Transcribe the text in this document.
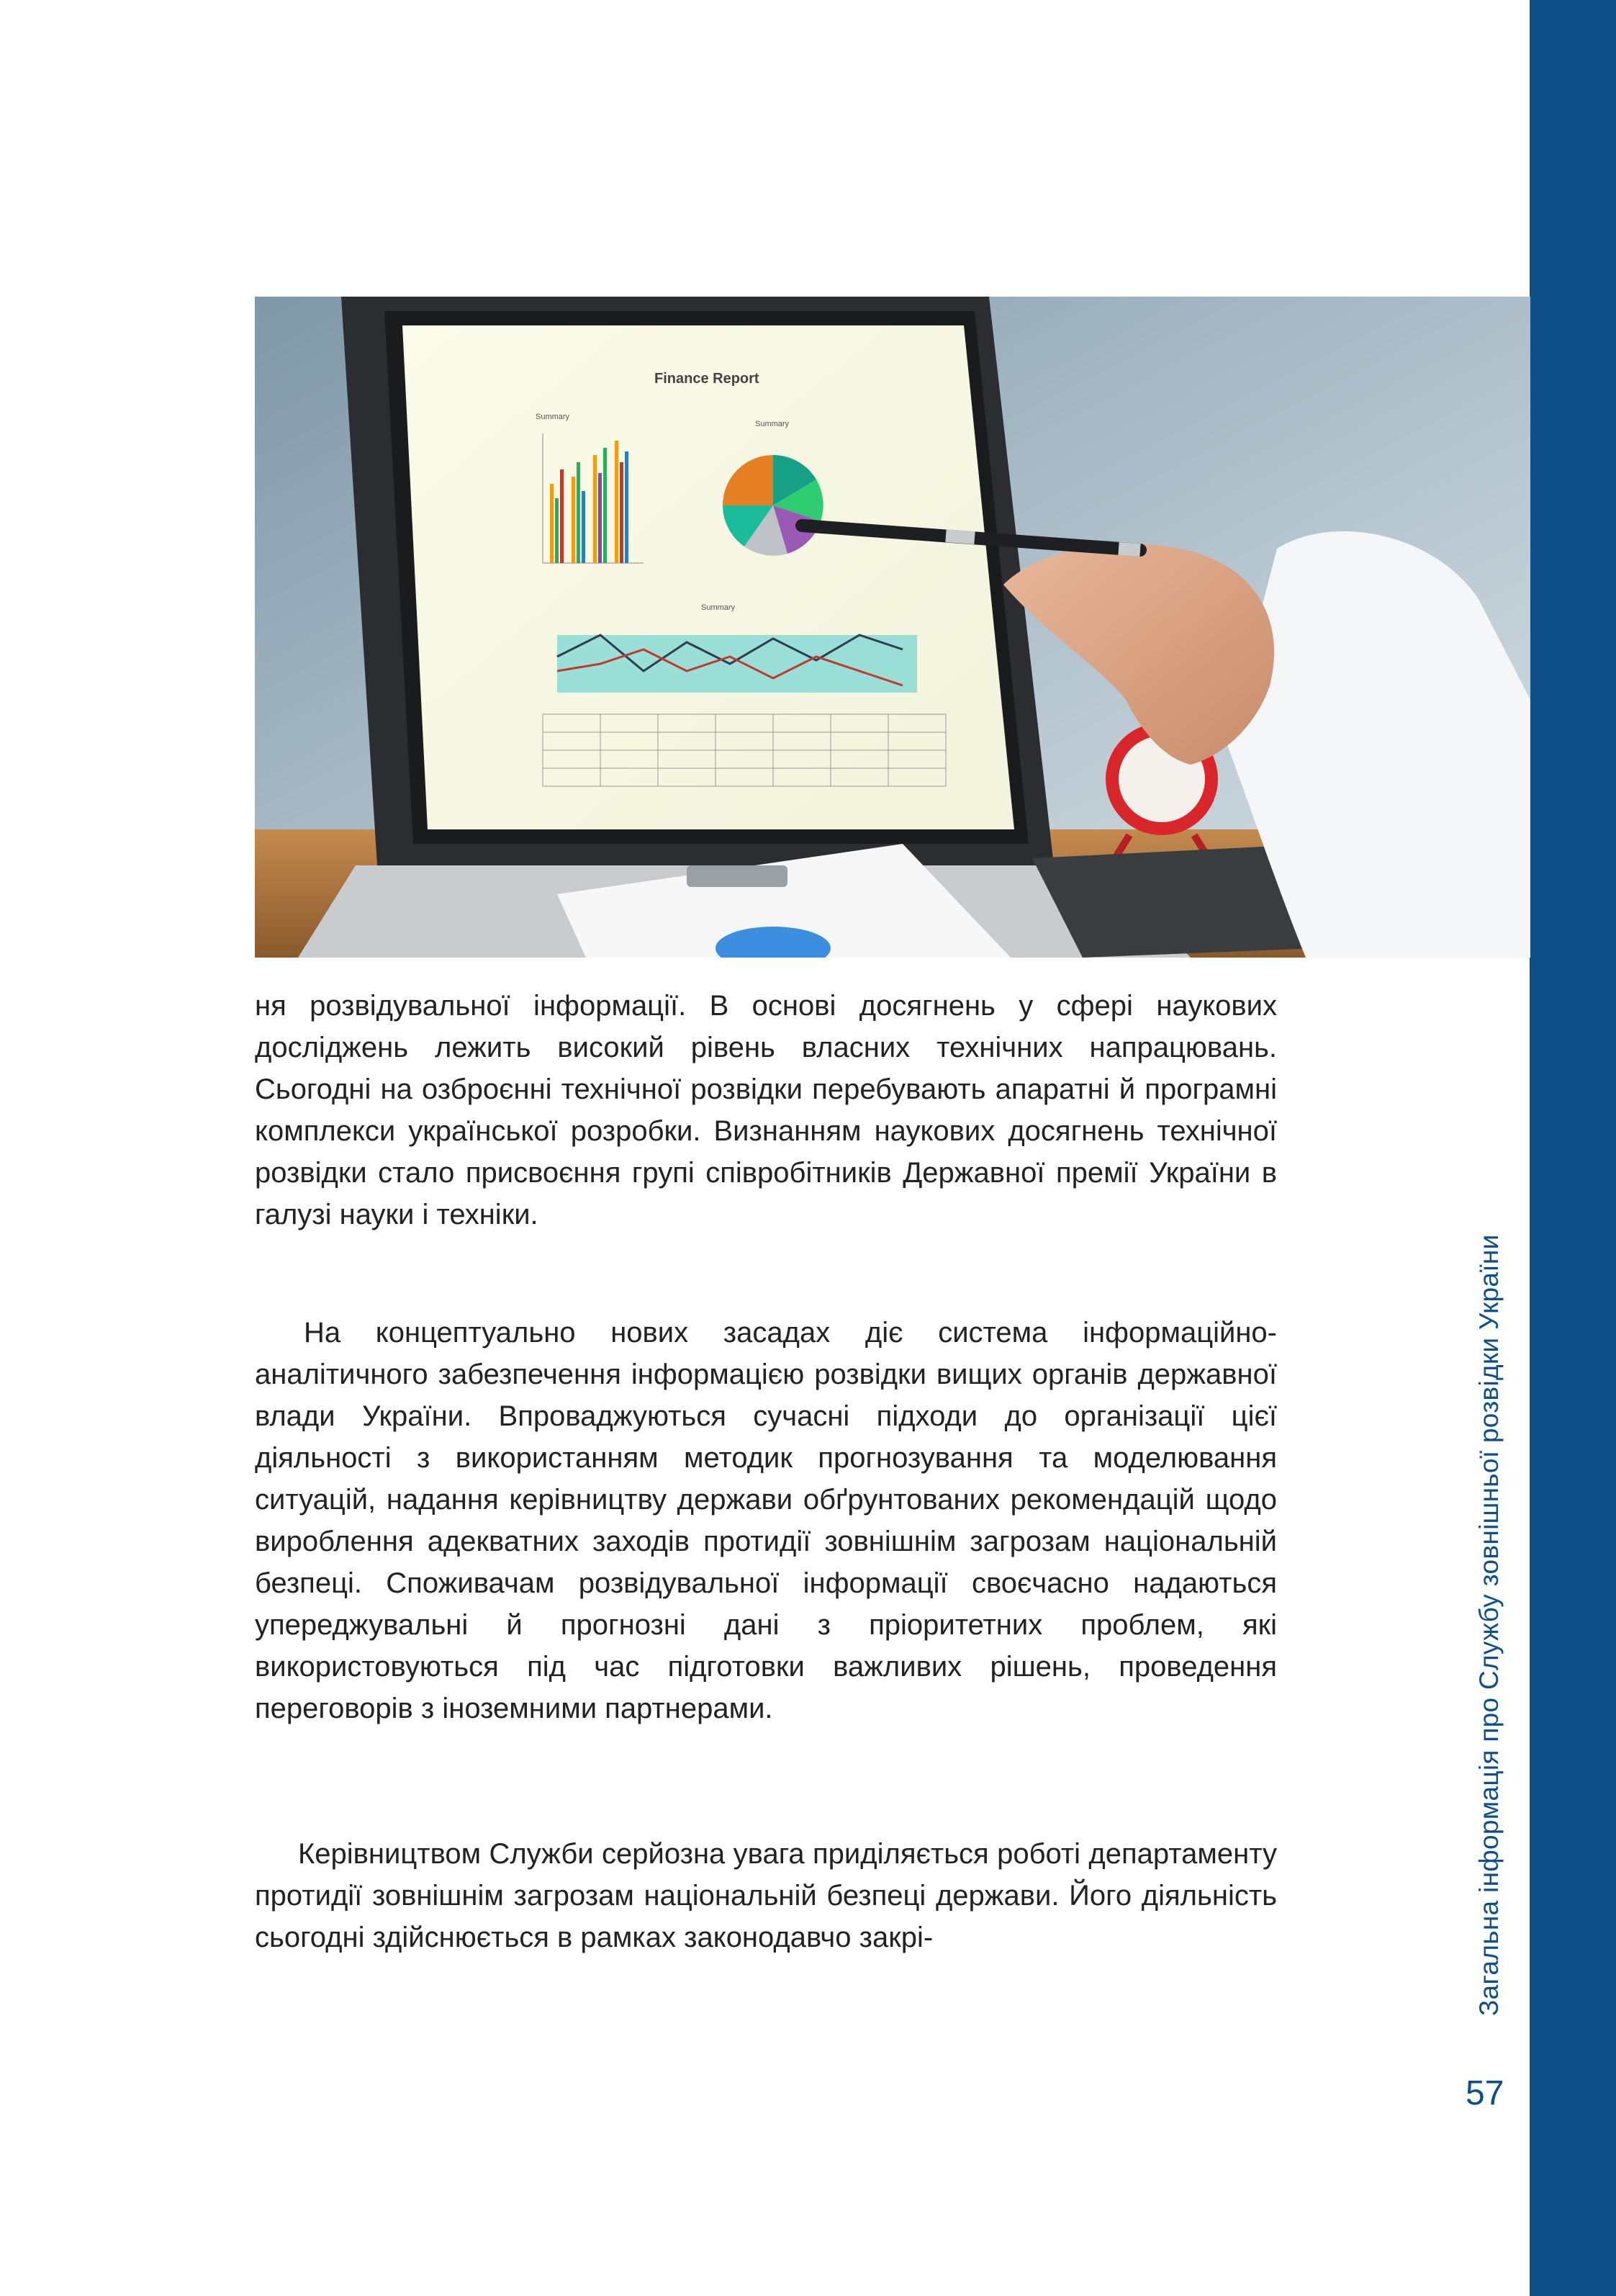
Загальна інформація про Службу зовнішньої розвідки України
57
Finance Report
Summary
Summary
Summary
ня розвідувальної інформації. В основі досягнень у сфері наукових досліджень лежить високий рівень власних технічних напрацювань. Сьогодні на озброєнні технічної розвідки перебувають апаратні й програмні комплекси української розробки. Визнанням наукових досягнень технічної розвідки стало присвоєння групі співробітників Державної премії України в галузі науки і техніки.
На концептуально нових засадах діє система інформаційно-аналітичного забезпечення інформацією розвідки вищих органів державної влади України. Впроваджуються сучасні підходи до організації цієї діяльності з використанням методик прогнозування та моделювання ситуацій, надання керівництву держави обґрунтованих рекомендацій щодо вироблення адекватних заходів протидії зовнішнім загрозам національній безпеці. Споживачам розвідувальної інформації своєчасно надаються упереджувальні й прогнозні дані з пріоритетних проблем, які використовуються під час підготовки важливих рішень, проведення переговорів з іноземними партнерами.
Керівництвом Служби серйозна увага приділяється роботі департаменту протидії зовнішнім загрозам національній безпеці держави. Його діяльність сьогодні здійснюється в рамках законодавчо закрі-
